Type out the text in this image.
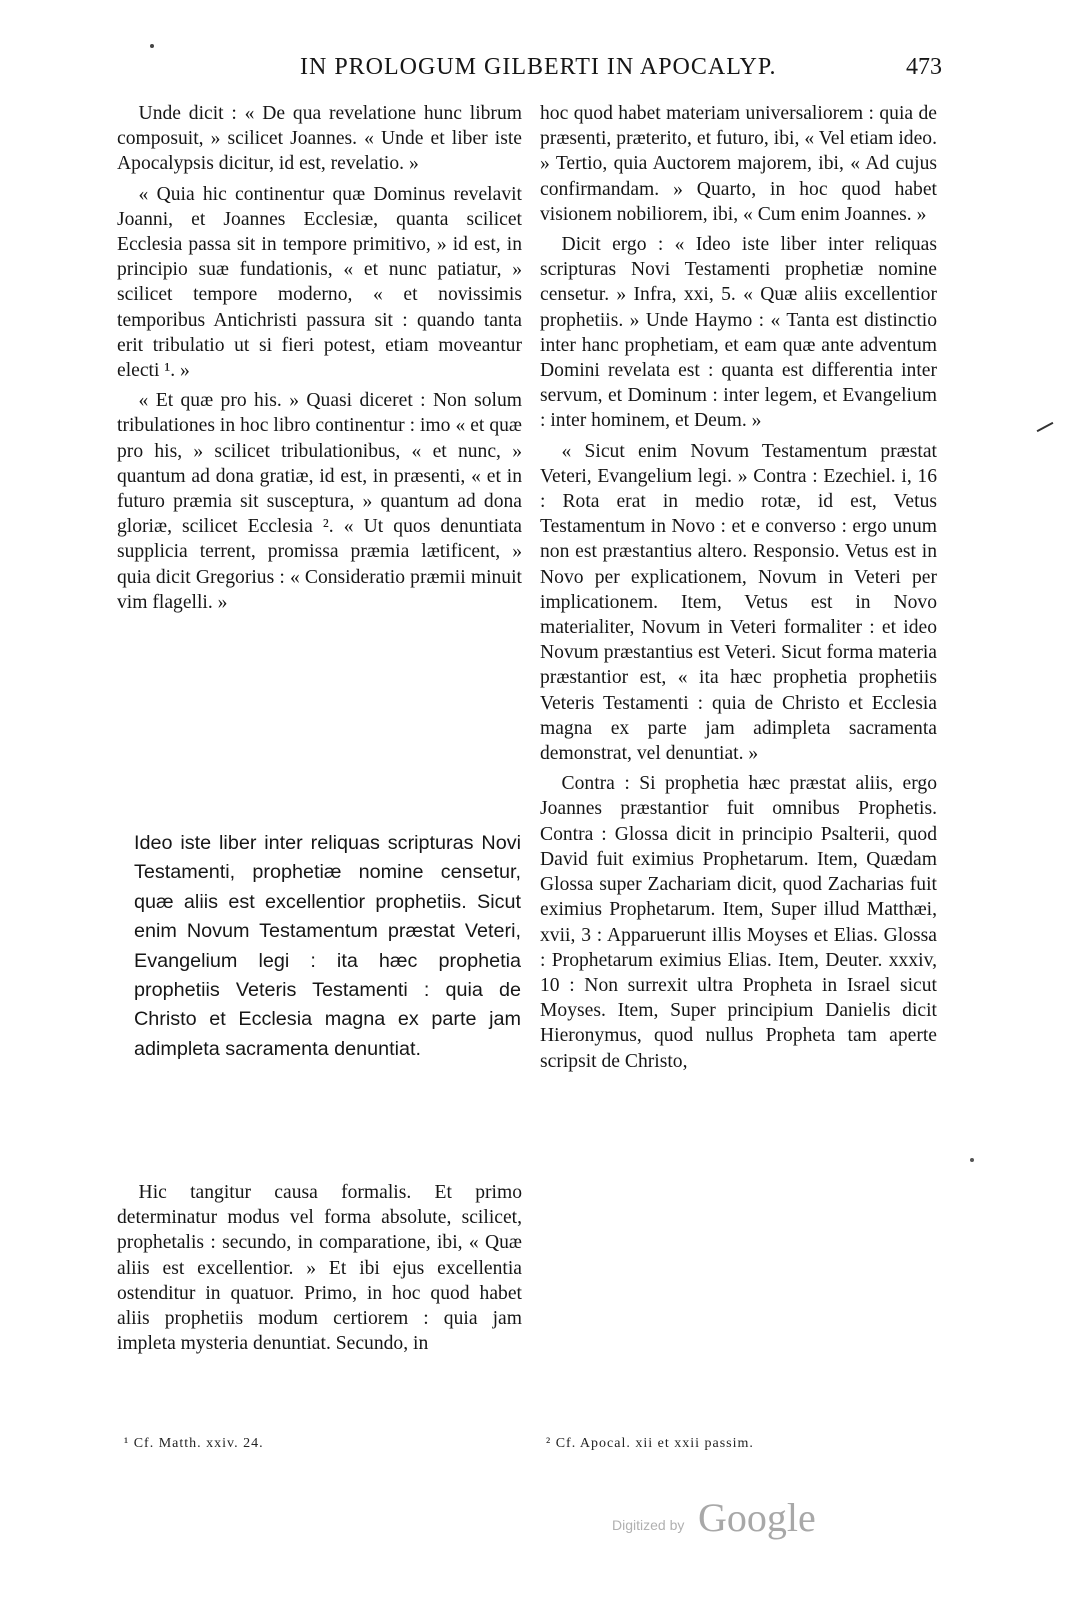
IN PROLOGUM GILBERTI IN APOCALYP.	473

Unde dicit : « De qua revelatione hunc librum composuit, » scilicet Joannes. « Unde et liber iste Apocalypsis dicitur, id est, revelatio. »

« Quia hic continentur quæ Dominus revelavit Joanni, et Joannes Ecclesiæ, quanta scilicet Ecclesia passa sit in tempore primitivo, » id est, in principio suæ fundationis, « et nunc patiatur, » scilicet tempore moderno, « et novissimis temporibus Antichristi passura sit : quando tanta erit tribulatio ut si fieri potest, etiam moveantur electi ¹. »

« Et quæ pro his. » Quasi diceret : Non solum tribulationes in hoc libro continentur : imo « et quæ pro his, » scilicet tribulationibus, « et nunc, » quantum ad dona gratiæ, id est, in præsenti, « et in futuro præmia sit susceptura, » quantum ad dona gloriæ, scilicet Ecclesia ². « Ut quos denuntiata supplicia terrent, promissa præmia lætificent, » quia dicit Gregorius : « Consideratio præmii minuit vim flagelli. »

Ideo iste liber inter reliquas scripturas Novi Testamenti, prophetiæ nomine censetur, quæ aliis est excellentior prophetiis. Sicut enim Novum Testamentum præstat Veteri, Evangelium legi : ita hæc prophetia prophetiis Veteris Testamenti : quia de Christo et Ecclesia magna ex parte jam adimpleta sacramenta denuntiat.

Hic tangitur causa formalis. Et primo determinatur modus vel forma absolute, scilicet, prophetalis : secundo, in comparatione, ibi, « Quæ aliis est excellentior. » Et ibi ejus excellentia ostenditur in quatuor. Primo, in hoc quod habet aliis prophetiis modum certiorem : quia jam impleta mysteria denuntiat. Secundo, in

hoc quod habet materiam universaliorem : quia de præsenti, præterito, et futuro, ibi, « Vel etiam ideo. » Tertio, quia Auctorem majorem, ibi, « Ad cujus confirmandam. » Quarto, in hoc quod habet visionem nobiliorem, ibi, « Cum enim Joannes. »

Dicit ergo : « Ideo iste liber inter reliquas scripturas Novi Testamenti prophetiæ nomine censetur. » Infra, xxi, 5. « Quæ aliis excellentior prophetiis. » Unde Haymo : « Tanta est distinctio inter hanc prophetiam, et eam quæ ante adventum Domini revelata est : quanta est differentia inter servum, et Dominum : inter legem, et Evangelium : inter hominem, et Deum. »

« Sicut enim Novum Testamentum præstat Veteri, Evangelium legi. » Contra : Ezechiel. i, 16 : Rota erat in medio rotæ, id est, Vetus Testamentum in Novo : et e converso : ergo unum non est præstantius altero. Responsio. Vetus est in Novo per explicationem, Novum in Veteri per implicationem. Item, Vetus est in Novo materialiter, Novum in Veteri formaliter : et ideo Novum præstantius est Veteri. Sicut forma materia præstantior est, « ita hæc prophetia prophetiis Veteris Testamenti : quia de Christo et Ecclesia magna ex parte jam adimpleta sacramenta demonstrat, vel denuntiat. »

Contra : Si prophetia hæc præstat aliis, ergo Joannes præstantior fuit omnibus Prophetis. Contra : Glossa dicit in principio Psalterii, quod David fuit eximius Prophetarum. Item, Quædam Glossa super Zachariam dicit, quod Zacharias fuit eximius Prophetarum. Item, Super illud Matthæi, xvii, 3 : Apparuerunt illis Moyses et Elias. Glossa : Prophetarum eximius Elias. Item, Deuter. xxxiv, 10 : Non surrexit ultra Propheta in Israel sicut Moyses. Item, Super principium Danielis dicit Hieronymus, quod nullus Propheta tam aperte scripsit de Christo,

¹ Cf. Matth. xxiv. 24.	² Cf. Apocal. xii et xxii passim.
Digitized by Google
